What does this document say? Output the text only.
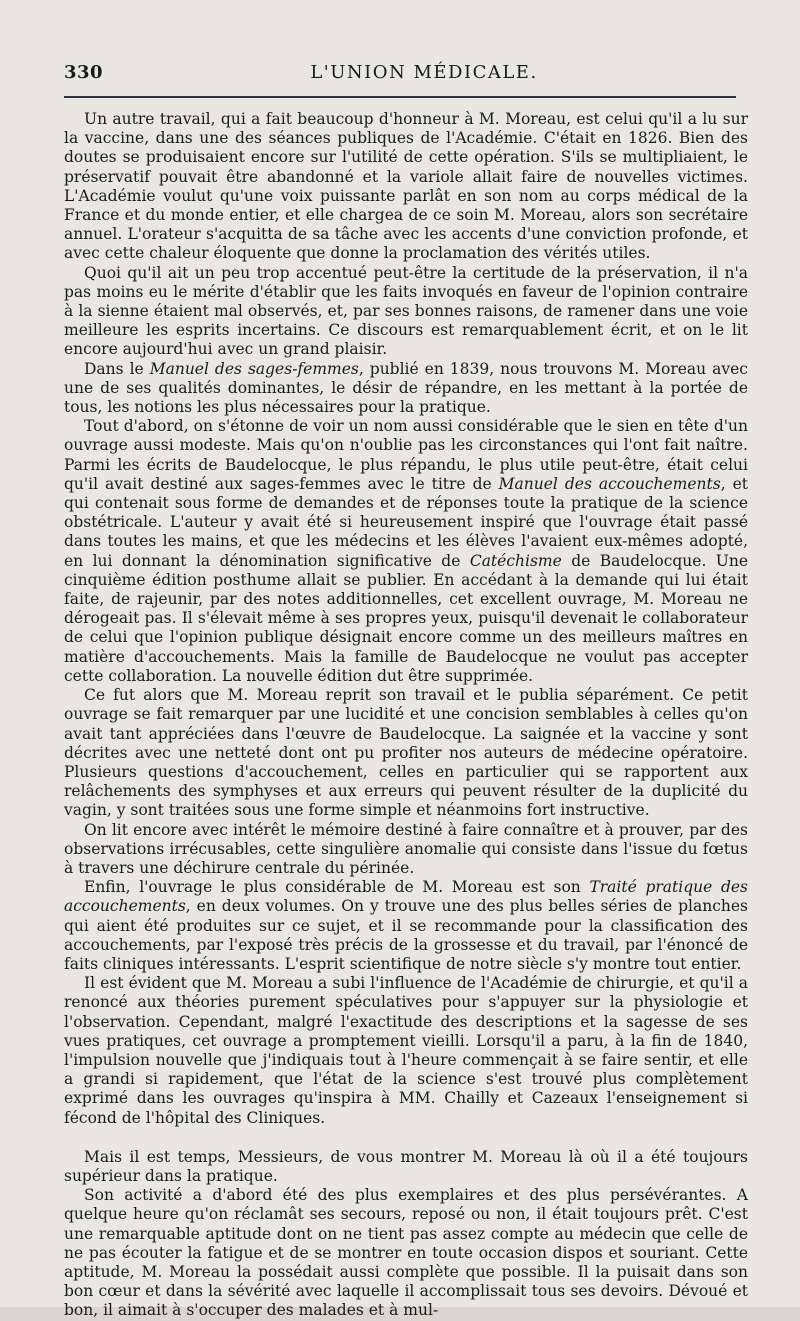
330	L'UNION MÉDICALE.

Un autre travail, qui a fait beaucoup d'honneur à M. Moreau, est celui qu'il a lu sur la vaccine, dans une des séances publiques de l'Académie. C'était en 1826. Bien des doutes se produisaient encore sur l'utilité de cette opération. S'ils se multipliaient, le préservatif pouvait être abandonné et la variole allait faire de nouvelles victimes. L'Académie voulut qu'une voix puissante parlât en son nom au corps médical de la France et du monde entier, et elle chargea de ce soin M. Moreau, alors son secrétaire annuel. L'orateur s'acquitta de sa tâche avec les accents d'une conviction profonde, et avec cette chaleur éloquente que donne la proclamation des vérités utiles.

Quoi qu'il ait un peu trop accentué peut-être la certitude de la préservation, il n'a pas moins eu le mérite d'établir que les faits invoqués en faveur de l'opinion contraire à la sienne étaient mal observés, et, par ses bonnes raisons, de ramener dans une voie meilleure les esprits incertains. Ce discours est remarquablement écrit, et on le lit encore aujourd'hui avec un grand plaisir.

Dans le Manuel des sages-femmes, publié en 1839, nous trouvons M. Moreau avec une de ses qualités dominantes, le désir de répandre, en les mettant à la portée de tous, les notions les plus nécessaires pour la pratique.

Tout d'abord, on s'étonne de voir un nom aussi considérable que le sien en tête d'un ouvrage aussi modeste. Mais qu'on n'oublie pas les circonstances qui l'ont fait naître. Parmi les écrits de Baudelocque, le plus répandu, le plus utile peut-être, était celui qu'il avait destiné aux sages-femmes avec le titre de Manuel des accouchements, et qui contenait sous forme de demandes et de réponses toute la pratique de la science obstétricale. L'auteur y avait été si heureusement inspiré que l'ouvrage était passé dans toutes les mains, et que les médecins et les élèves l'avaient eux-mêmes adopté, en lui donnant la dénomination significative de Catéchisme de Baudelocque. Une cinquième édition posthume allait se publier. En accédant à la demande qui lui était faite, de rajeunir, par des notes additionnelles, cet excellent ouvrage, M. Moreau ne dérogeait pas. Il s'élevait même à ses propres yeux, puisqu'il devenait le collaborateur de celui que l'opinion publique désignait encore comme un des meilleurs maîtres en matière d'accouchements. Mais la famille de Baudelocque ne voulut pas accepter cette collaboration. La nouvelle édition dut être supprimée.

Ce fut alors que M. Moreau reprit son travail et le publia séparément. Ce petit ouvrage se fait remarquer par une lucidité et une concision semblables à celles qu'on avait tant appréciées dans l'œuvre de Baudelocque. La saignée et la vaccine y sont décrites avec une netteté dont ont pu profiter nos auteurs de médecine opératoire. Plusieurs questions d'accouchement, celles en particulier qui se rapportent aux relâchements des symphyses et aux erreurs qui peuvent résulter de la duplicité du vagin, y sont traitées sous une forme simple et néanmoins fort instructive.

On lit encore avec intérêt le mémoire destiné à faire connaître et à prouver, par des observations irrécusables, cette singulière anomalie qui consiste dans l'issue du fœtus à travers une déchirure centrale du périnée.

Enfin, l'ouvrage le plus considérable de M. Moreau est son Traité pratique des accouchements, en deux volumes. On y trouve une des plus belles séries de planches qui aient été produites sur ce sujet, et il se recommande pour la classification des accouchements, par l'exposé très précis de la grossesse et du travail, par l'énoncé de faits cliniques intéressants. L'esprit scientifique de notre siècle s'y montre tout entier.

Il est évident que M. Moreau a subi l'influence de l'Académie de chirurgie, et qu'il a renoncé aux théories purement spéculatives pour s'appuyer sur la physiologie et l'observation. Cependant, malgré l'exactitude des descriptions et la sagesse de ses vues pratiques, cet ouvrage a promptement vieilli. Lorsqu'il a paru, à la fin de 1840, l'impulsion nouvelle que j'indiquais tout à l'heure commençait à se faire sentir, et elle a grandi si rapidement, que l'état de la science s'est trouvé plus complètement exprimé dans les ouvrages qu'inspira à MM. Chailly et Cazeaux l'enseignement si fécond de l'hôpital des Cliniques.

Mais il est temps, Messieurs, de vous montrer M. Moreau là où il a été toujours supérieur dans la pratique.

Son activité a d'abord été des plus exemplaires et des plus persévérantes. A quelque heure qu'on réclamât ses secours, reposé ou non, il était toujours prêt. C'est une remarquable aptitude dont on ne tient pas assez compte au médecin que celle de ne pas écouter la fatigue et de se montrer en toute occasion dispos et souriant. Cette aptitude, M. Moreau la possédait aussi complète que possible. Il la puisait dans son bon cœur et dans la sévérité avec laquelle il accomplissait tous ses devoirs. Dévoué et bon, il aimait à s'occuper des malades et à mul-
